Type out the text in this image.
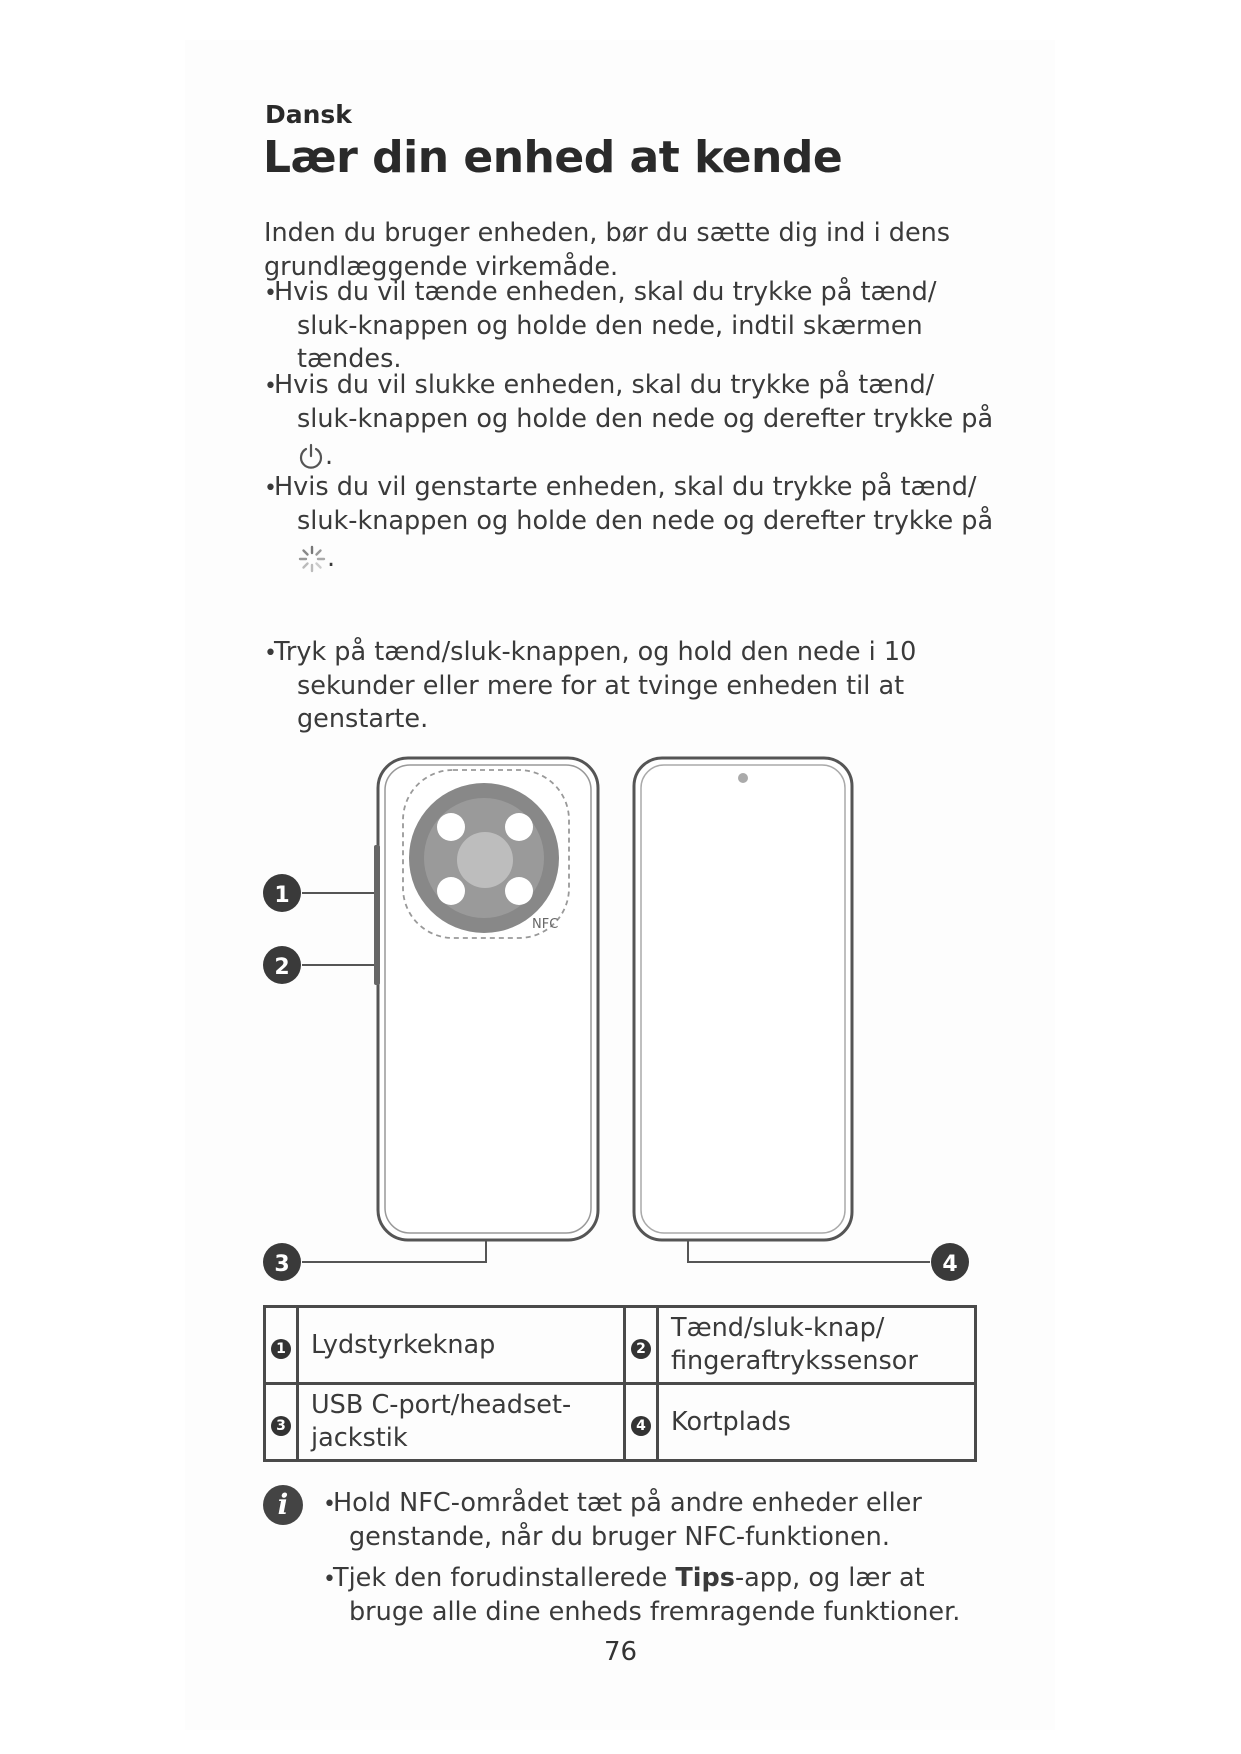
Dansk
Lær din enhed at kende
Inden du bruger enheden, bør du sætte dig ind i dens
grundlæggende virkemåde.
•Hvis du vil tænde enheden, skal du trykke på tænd/
sluk-knappen og holde den nede, indtil skærmen
tændes.
•Hvis du vil slukke enheden, skal du trykke på tænd/
sluk-knappen og holde den nede og derefter trykke på
.
•Hvis du vil genstarte enheden, skal du trykke på tænd/
sluk-knappen og holde den nede og derefter trykke på
.
•Tryk på tænd/sluk-knappen, og hold den nede i 10
sekunder eller mere for at tvinge enheden til at
genstarte.
NFC
1
2
3	4
1	Lydstyrkeknap	2	Tænd/sluk-knap/
fingeraftrykssensor

3	USB C-port/headset-
jackstik	4	Kortplads
i	•Hold NFC-området tæt på andre enheder eller
genstande, når du bruger NFC-funktionen.
•Tjek den forudinstallerede Tips-app, og lær at
bruge alle dine enheds fremragende funktioner.
76
